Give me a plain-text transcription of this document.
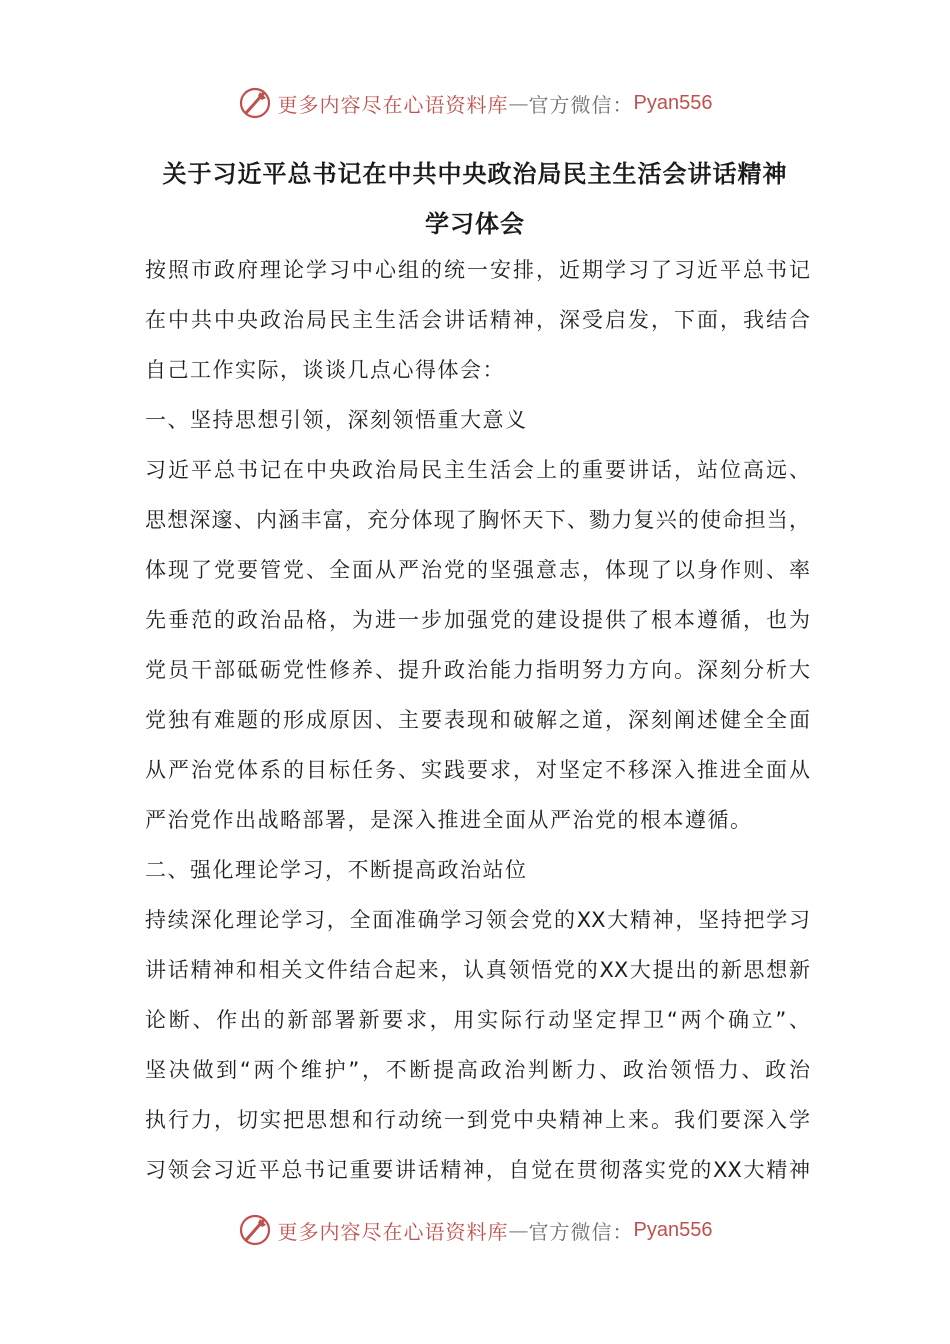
更多内容尽在心语资料库 — 官方微信： Pyan556
关于习近平总书记在中共中央政治局民主生活会讲话精神
学习体会
按照市政府理论学习中心组的统一安排，近期学习了习近平总书记
在中共中央政治局民主生活会讲话精神，深受启发，下面，我结合
自己工作实际，谈谈几点心得体会：
一、坚持思想引领，深刻领悟重大意义
习近平总书记在中央政治局民主生活会上的重要讲话，站位高远、
思想深邃、内涵丰富，充分体现了胸怀天下、勠力复兴的使命担当，
体现了党要管党、全面从严治党的坚强意志，体现了以身作则、率
先垂范的政治品格，为进一步加强党的建设提供了根本遵循，也为
党员干部砥砺党性修养、提升政治能力指明努力方向。深刻分析大
党独有难题的形成原因、主要表现和破解之道，深刻阐述健全全面
从严治党体系的目标任务、实践要求，对坚定不移深入推进全面从
严治党作出战略部署，是深入推进全面从严治党的根本遵循。
二、强化理论学习，不断提高政治站位
持续深化理论学习，全面准确学习领会党的XX大精神，坚持把学习
讲话精神和相关文件结合起来，认真领悟党的XX大提出的新思想新
论断、作出的新部署新要求，用实际行动坚定捍卫“两个确立”、
坚决做到“两个维护”，不断提高政治判断力、政治领悟力、政治
执行力，切实把思想和行动统一到党中央精神上来。我们要深入学
习领会习近平总书记重要讲话精神，自觉在贯彻落实党的XX大精神
更多内容尽在心语资料库 — 官方微信： Pyan556
